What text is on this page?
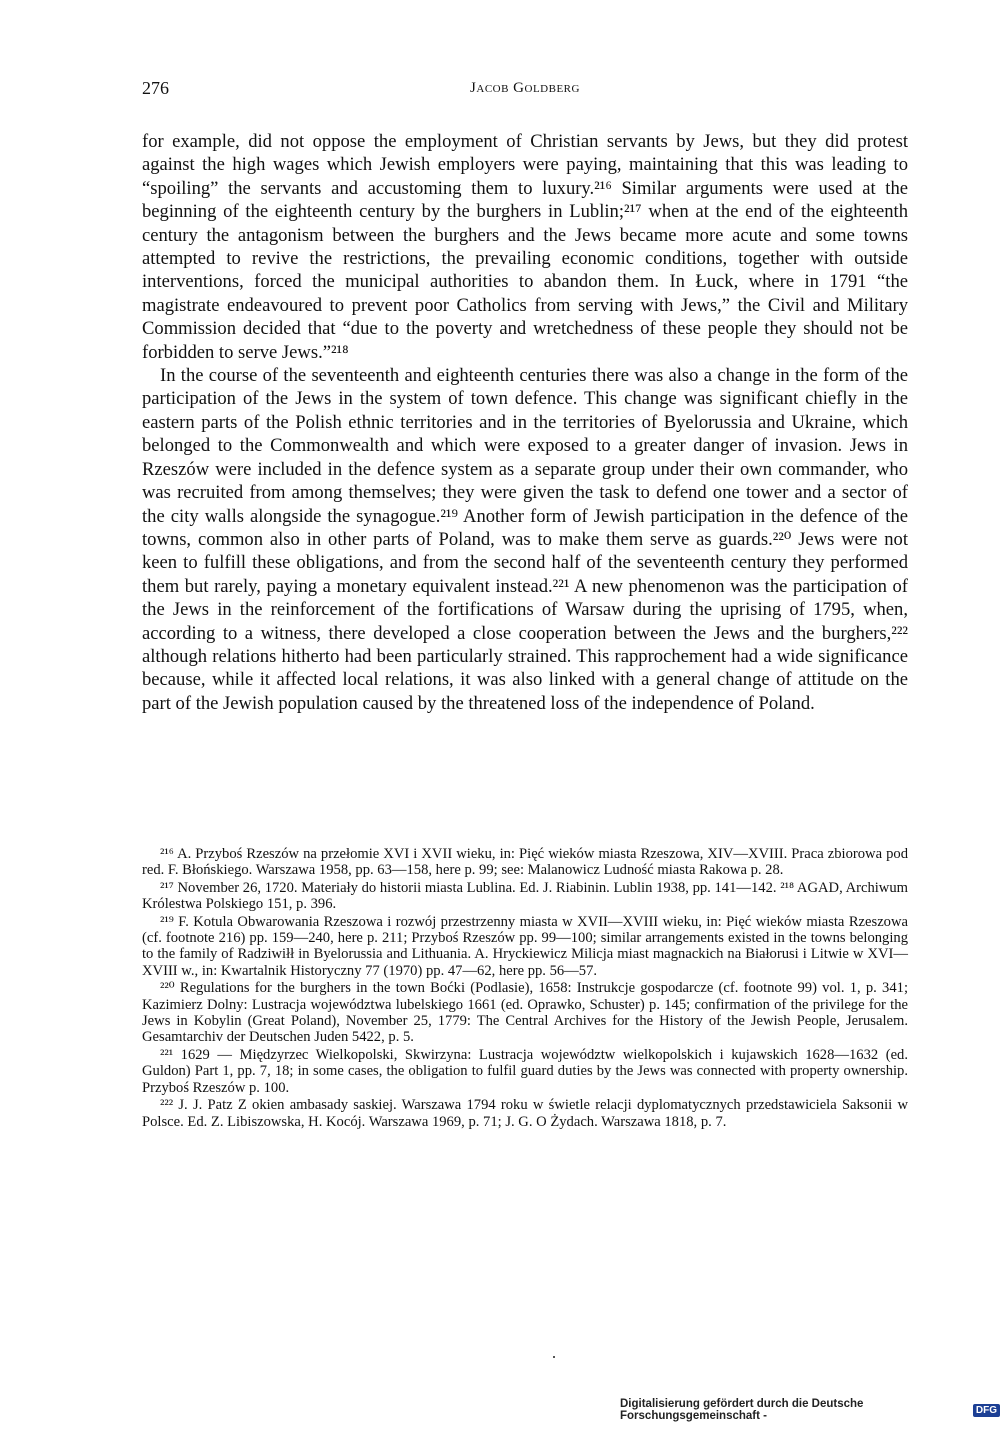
276	Jacob Goldberg

for example, did not oppose the employment of Christian servants by Jews, but they did protest against the high wages which Jewish employers were paying, maintaining that this was leading to “spoiling” the servants and accustoming them to luxury.²¹⁶ Similar arguments were used at the beginning of the eighteenth century by the burghers in Lublin;²¹⁷ when at the end of the eighteenth century the antagonism between the burghers and the Jews became more acute and some towns attempted to revive the restrictions, the prevailing economic conditions, together with outside interventions, forced the municipal authorities to abandon them. In Łuck, where in 1791 “the magistrate endeavoured to prevent poor Catholics from serving with Jews,” the Civil and Military Commission decided that “due to the poverty and wretchedness of these people they should not be forbidden to serve Jews.”²¹⁸

In the course of the seventeenth and eighteenth centuries there was also a change in the form of the participation of the Jews in the system of town defence. This change was significant chiefly in the eastern parts of the Polish ethnic territories and in the territories of Byelorussia and Ukraine, which belonged to the Commonwealth and which were exposed to a greater danger of invasion. Jews in Rzeszów were included in the defence system as a separate group under their own commander, who was recruited from among themselves; they were given the task to defend one tower and a sector of the city walls alongside the synagogue.²¹⁹ Another form of Jewish participation in the defence of the towns, common also in other parts of Poland, was to make them serve as guards.²²⁰ Jews were not keen to fulfill these obligations, and from the second half of the seventeenth century they performed them but rarely, paying a monetary equivalent instead.²²¹ A new phenomenon was the participation of the Jews in the reinforcement of the fortifications of Warsaw during the uprising of 1795, when, according to a witness, there developed a close cooperation between the Jews and the burghers,²²² although relations hitherto had been particularly strained. This rapprochement had a wide significance because, while it affected local relations, it was also linked with a general change of attitude on the part of the Jewish population caused by the threatened loss of the independence of Poland.

²¹⁶ A. Przyboś Rzeszów na przełomie XVI i XVII wieku, in: Pięć wieków miasta Rzeszowa, XIV—XVIII. Praca zbiorowa pod red. F. Błońskiego. Warszawa 1958, pp. 63—158, here p. 99; see: Malanowicz Ludność miasta Rakowa p. 28.

²¹⁷ November 26, 1720. Materiały do historii miasta Lublina. Ed. J. Riabinin. Lublin 1938, pp. 141—142. ²¹⁸ AGAD, Archiwum Królestwa Polskiego 151, p. 396.

²¹⁹ F. Kotula Obwarowania Rzeszowa i rozwój przestrzenny miasta w XVII—XVIII wieku, in: Pięć wieków miasta Rzeszowa (cf. footnote 216) pp. 159—240, here p. 211; Przyboś Rzeszów pp. 99—100; similar arrangements existed in the towns belonging to the family of Radziwiłł in Byelorussia and Lithuania. A. Hryckiewicz Milicja miast magnackich na Białorusi i Litwie w XVI—XVIII w., in: Kwartalnik Historyczny 77 (1970) pp. 47—62, here pp. 56—57.

²²⁰ Regulations for the burghers in the town Boćki (Podlasie), 1658: Instrukcje gospodarcze (cf. footnote 99) vol. 1, p. 341; Kazimierz Dolny: Lustracja województwa lubelskiego 1661 (ed. Oprawko, Schuster) p. 145; confirmation of the privilege for the Jews in Kobylin (Great Poland), November 25, 1779: The Central Archives for the History of the Jewish People, Jerusalem. Gesamtarchiv der Deutschen Juden 5422, p. 5.

²²¹ 1629 — Międzyrzec Wielkopolski, Skwirzyna: Lustracja województw wielkopolskich i kujawskich 1628—1632 (ed. Guldon) Part 1, pp. 7, 18; in some cases, the obligation to fulfil guard duties by the Jews was connected with property ownership. Przyboś Rzeszów p. 100.

²²² J. J. Patz Z okien ambasady saskiej. Warszawa 1794 roku w świetle relacji dyplomatycznych przedstawiciela Saksonii w Polsce. Ed. Z. Libiszowska, H. Kocój. Warszawa 1969, p. 71; J. G. O Żydach. Warszawa 1818, p. 7.

Digitalisierung gefördert durch die Deutsche Forschungsgemeinschaft -	DFG
